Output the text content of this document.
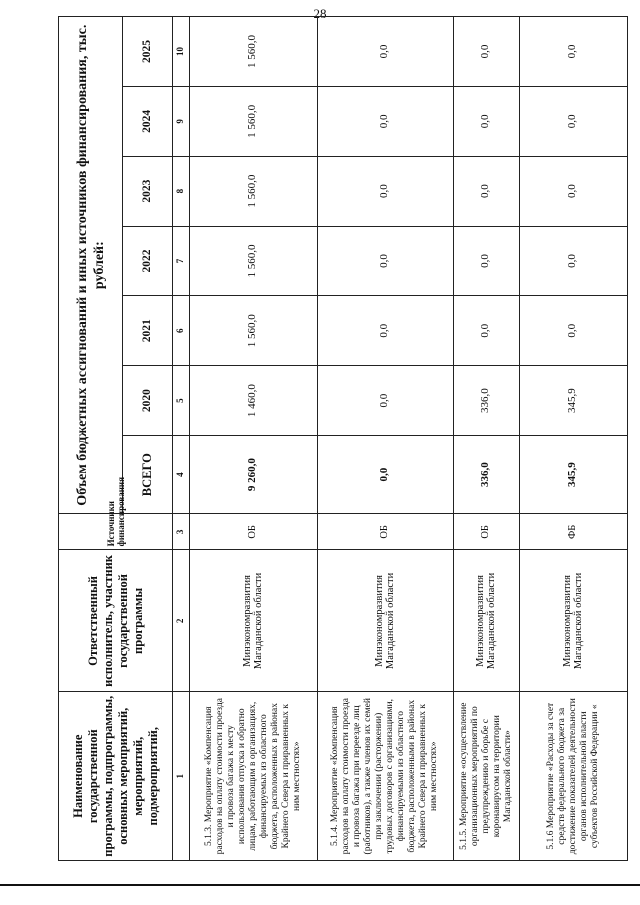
28
Наименование государственной программы, подпрограммы, основных мероприятий, мероприятий, подмероприятий,	Ответственный исполнитель, участник государственной программы	Источники финансирования	Объем бюджетных ассигнований и иных источников финансирования, тыс. рублей:						
			ВСЕГО	2020	2021	2022	2023	2024	2025
1	2	3	4	5	6	7	8	9	10
5.1.3. Мероприятие «Компенсация расходов на оплату стоимости проезда и провоза багажа к месту использования отпуска и обратно лицам, работающим в организациях, финансируемых из областного бюджета, расположенных в районах Крайнего Севера и приравненных к ним местностях»	Минэкономразвития Магаданской области	ОБ	9 260,0	1 460,0	1 560,0	1 560,0	1 560,0	1 560,0	1 560,0
5.1.4. Мероприятие «Компенсация расходов на оплату стоимости проезда и провоза багажа при переезде лиц (работников), а также членов их семей при заключении (расторжении) трудовых договоров с организациями, финансируемыми из областного бюджета, расположенными в районах Крайнего Севера и приравненных к ним местностях»	Минэкономразвития Магаданской области	ОБ	0,0	0,0	0,0	0,0	0,0	0,0	0,0
5.1.5. Мероприятие «осуществление организационных мероприятий по предупреждению и борьбе с коронавирусом на территории Магаданской области»	Минэкономразвития Магаданской области	ОБ	336,0	336,0	0,0	0,0	0,0	0,0	0,0
5.1.6 Мероприятие «Расходы за счет средств федерального бюджета за достижение показателей деятельности органов исполнительной власти субъектов Российской Федерации «	Минэкономразвития Магаданской области	ФБ	345,9	345,9	0,0	0,0	0,0	0,0	0,0
